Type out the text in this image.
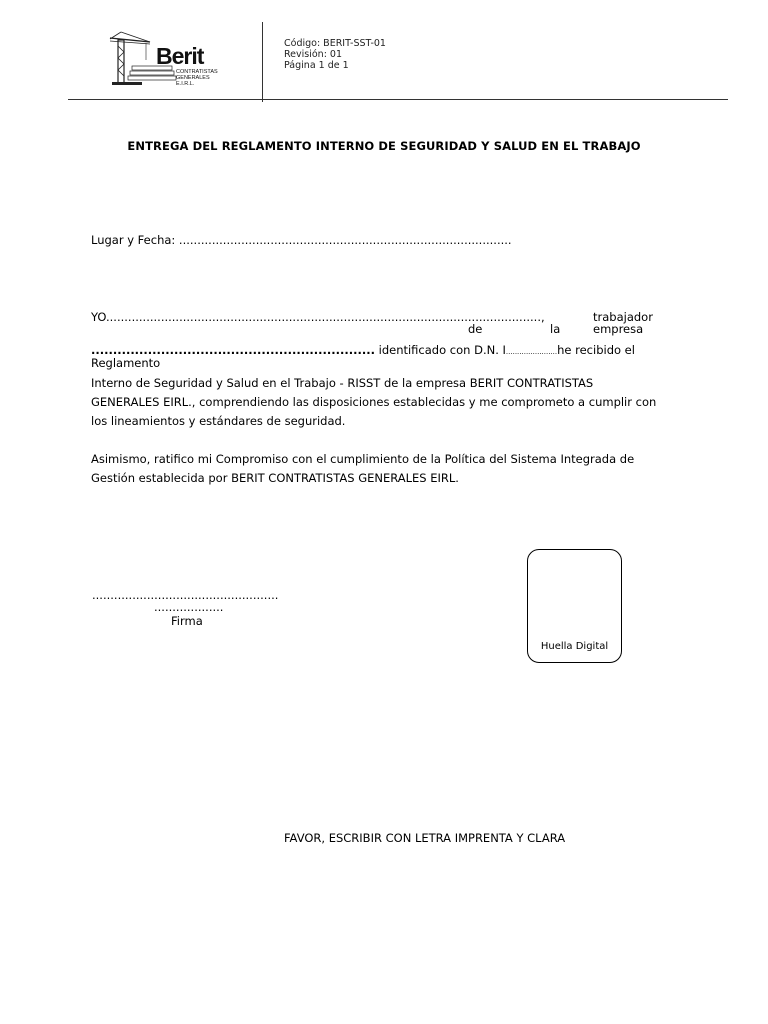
Berit
CONTRATISTAS
GENERALES
E.I.R.L.
Código: BERIT-SST-01
Revisión: 01
Página 1 de 1
ENTREGA DEL REGLAMENTO INTERNO DE SEGURIDAD Y SALUD EN EL TRABAJO
Lugar y Fecha: ...........................................................................................
YO.......................................................................................................................,	trabajador
de	la	empresa
................................................................. identificado con D.N. I.......................he recibido el
Reglamento
Interno de Seguridad y Salud en el Trabajo - RISST de la empresa BERIT CONTRATISTAS
GENERALES EIRL., comprendiendo las disposiciones establecidas y me comprometo a cumplir con
los lineamientos y estándares de seguridad.
Asimismo, ratifico mi Compromiso con el cumplimiento de la Política del Sistema Integrada de
Gestión establecida por BERIT CONTRATISTAS GENERALES EIRL.
...................................................
...................
Firma
Huella Digital
FAVOR, ESCRIBIR CON LETRA IMPRENTA Y CLARA
